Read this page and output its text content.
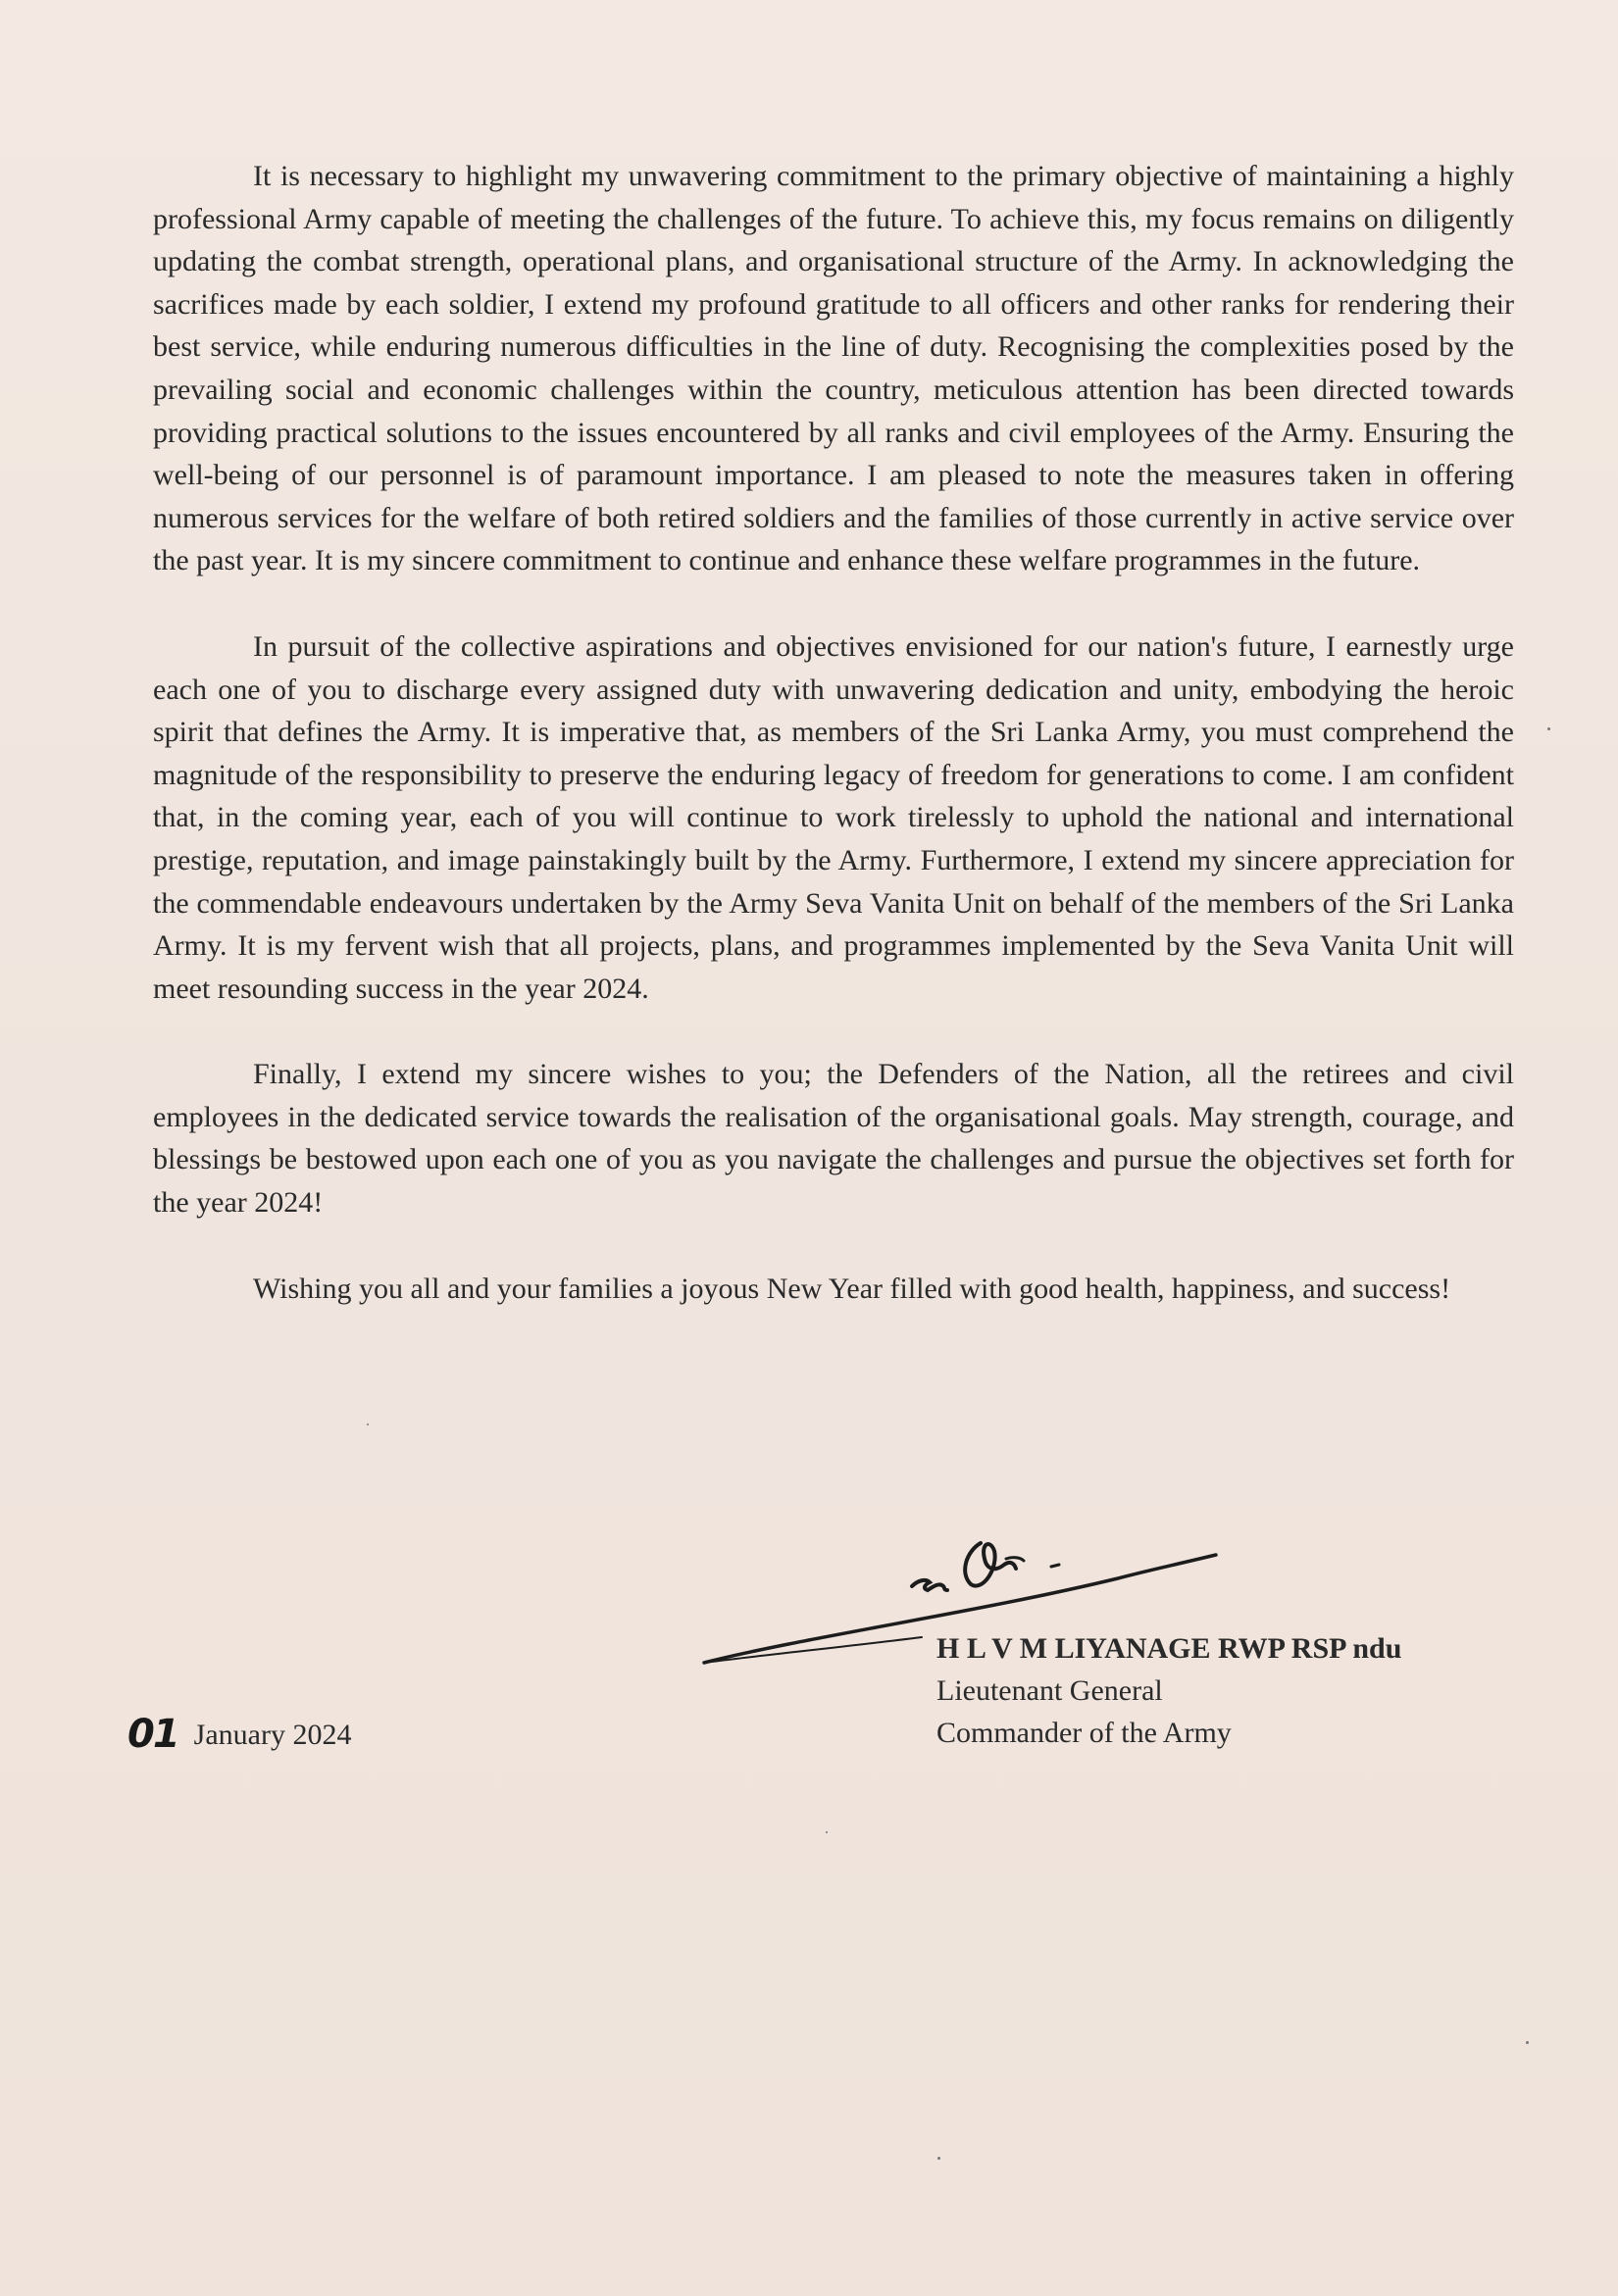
It is necessary to highlight my unwavering commitment to the primary objective of maintaining a highly professional Army capable of meeting the challenges of the future. To achieve this, my focus remains on diligently updating the combat strength, operational plans, and organisational structure of the Army. In acknowledging the sacrifices made by each soldier, I extend my profound gratitude to all officers and other ranks for rendering their best service, while enduring numerous difficulties in the line of duty. Recognising the complexities posed by the prevailing social and economic challenges within the country, meticulous attention has been directed towards providing practical solutions to the issues encountered by all ranks and civil employees of the Army. Ensuring the well-being of our personnel is of paramount importance. I am pleased to note the measures taken in offering numerous services for the welfare of both retired soldiers and the families of those currently in active service over the past year. It is my sincere commitment to continue and enhance these welfare programmes in the future.

In pursuit of the collective aspirations and objectives envisioned for our nation's future, I earnestly urge each one of you to discharge every assigned duty with unwavering dedication and unity, embodying the heroic spirit that defines the Army. It is imperative that, as members of the Sri Lanka Army, you must comprehend the magnitude of the responsibility to preserve the enduring legacy of freedom for generations to come. I am confident that, in the coming year, each of you will continue to work tirelessly to uphold the national and international prestige, reputation, and image painstakingly built by the Army. Furthermore, I extend my sincere appreciation for the commendable endeavours undertaken by the Army Seva Vanita Unit on behalf of the members of the Sri Lanka Army. It is my fervent wish that all projects, plans, and programmes implemented by the Seva Vanita Unit will meet resounding success in the year 2024.

Finally, I extend my sincere wishes to you; the Defenders of the Nation, all the retirees and civil employees in the dedicated service towards the realisation of the organisational goals. May strength, courage, and blessings be bestowed upon each one of you as you navigate the challenges and pursue the objectives set forth for the year 2024!

Wishing you all and your families a joyous New Year filled with good health, happiness, and success!

H L V M LIYANAGE RWP RSP ndu
Lieutenant General
Commander of the Army
01 January 2024
